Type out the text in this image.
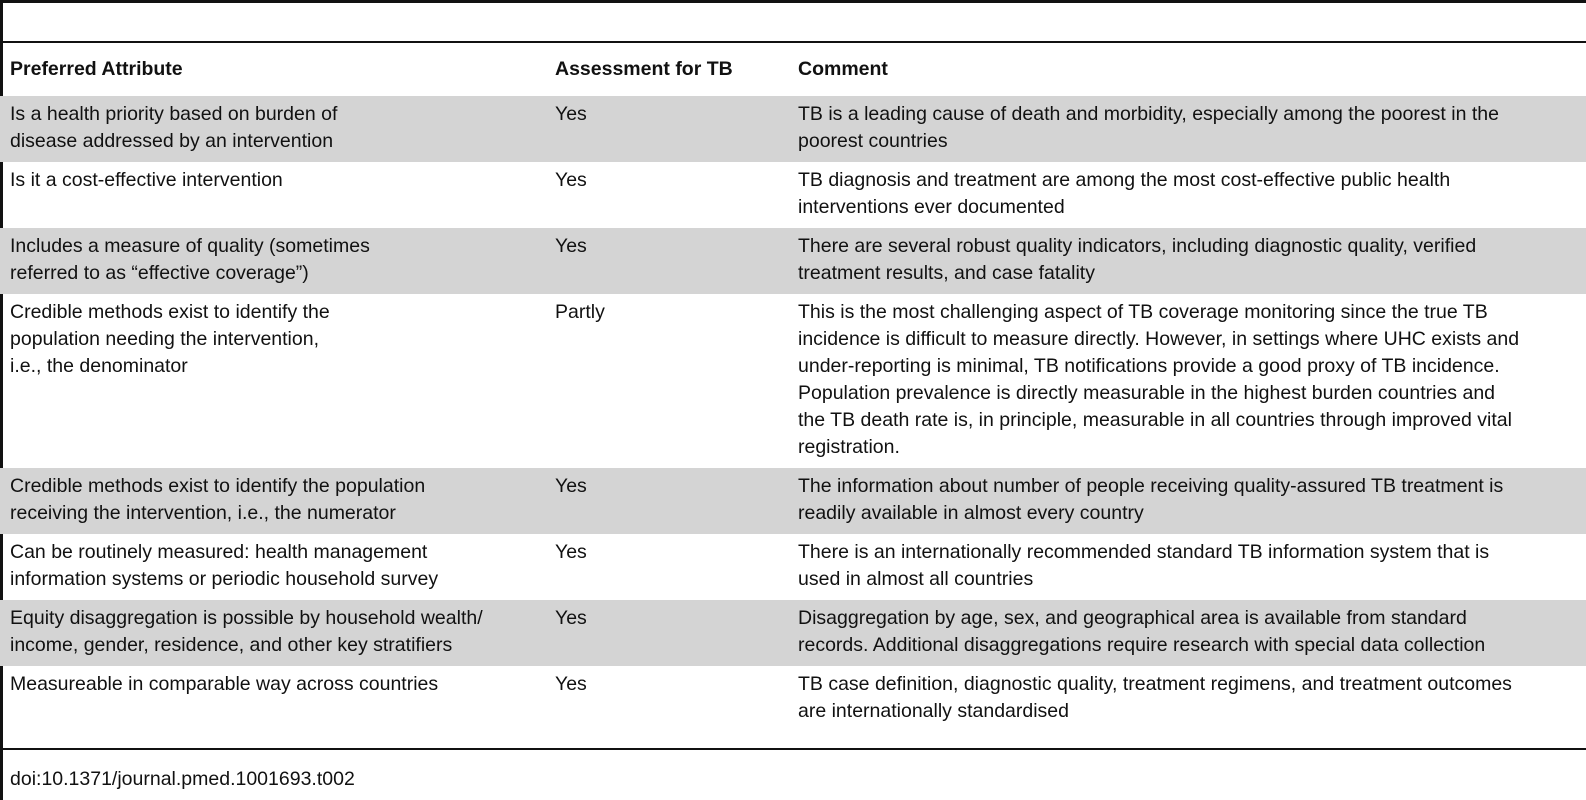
Preferred Attribute	Assessment for TB	Comment
Is a health priority based on burden of
disease addressed by an intervention
Yes	TB is a leading cause of death and morbidity, especially among the poorest in the
poorest countries
Is it a cost-effective intervention	Yes	TB diagnosis and treatment are among the most cost-effective public health
interventions ever documented
Includes a measure of quality (sometimes
referred to as “effective coverage”)
Yes	There are several robust quality indicators, including diagnostic quality, verified
treatment results, and case fatality
Credible methods exist to identify the
population needing the intervention,
i.e., the denominator
Partly	This is the most challenging aspect of TB coverage monitoring since the true TB
incidence is difficult to measure directly. However, in settings where UHC exists and
under-reporting is minimal, TB notifications provide a good proxy of TB incidence.
Population prevalence is directly measurable in the highest burden countries and
the TB death rate is, in principle, measurable in all countries through improved vital
registration.
Credible methods exist to identify the population
receiving the intervention, i.e., the numerator
Yes	The information about number of people receiving quality-assured TB treatment is
readily available in almost every country
Can be routinely measured: health management
information systems or periodic household survey
Yes	There is an internationally recommended standard TB information system that is
used in almost all countries
Equity disaggregation is possible by household wealth/
income, gender, residence, and other key stratifiers
Yes	Disaggregation by age, sex, and geographical area is available from standard
records. Additional disaggregations require research with special data collection
Measureable in comparable way across countries	Yes	TB case definition, diagnostic quality, treatment regimens, and treatment outcomes
are internationally standardised
doi:10.1371/journal.pmed.1001693.t002
